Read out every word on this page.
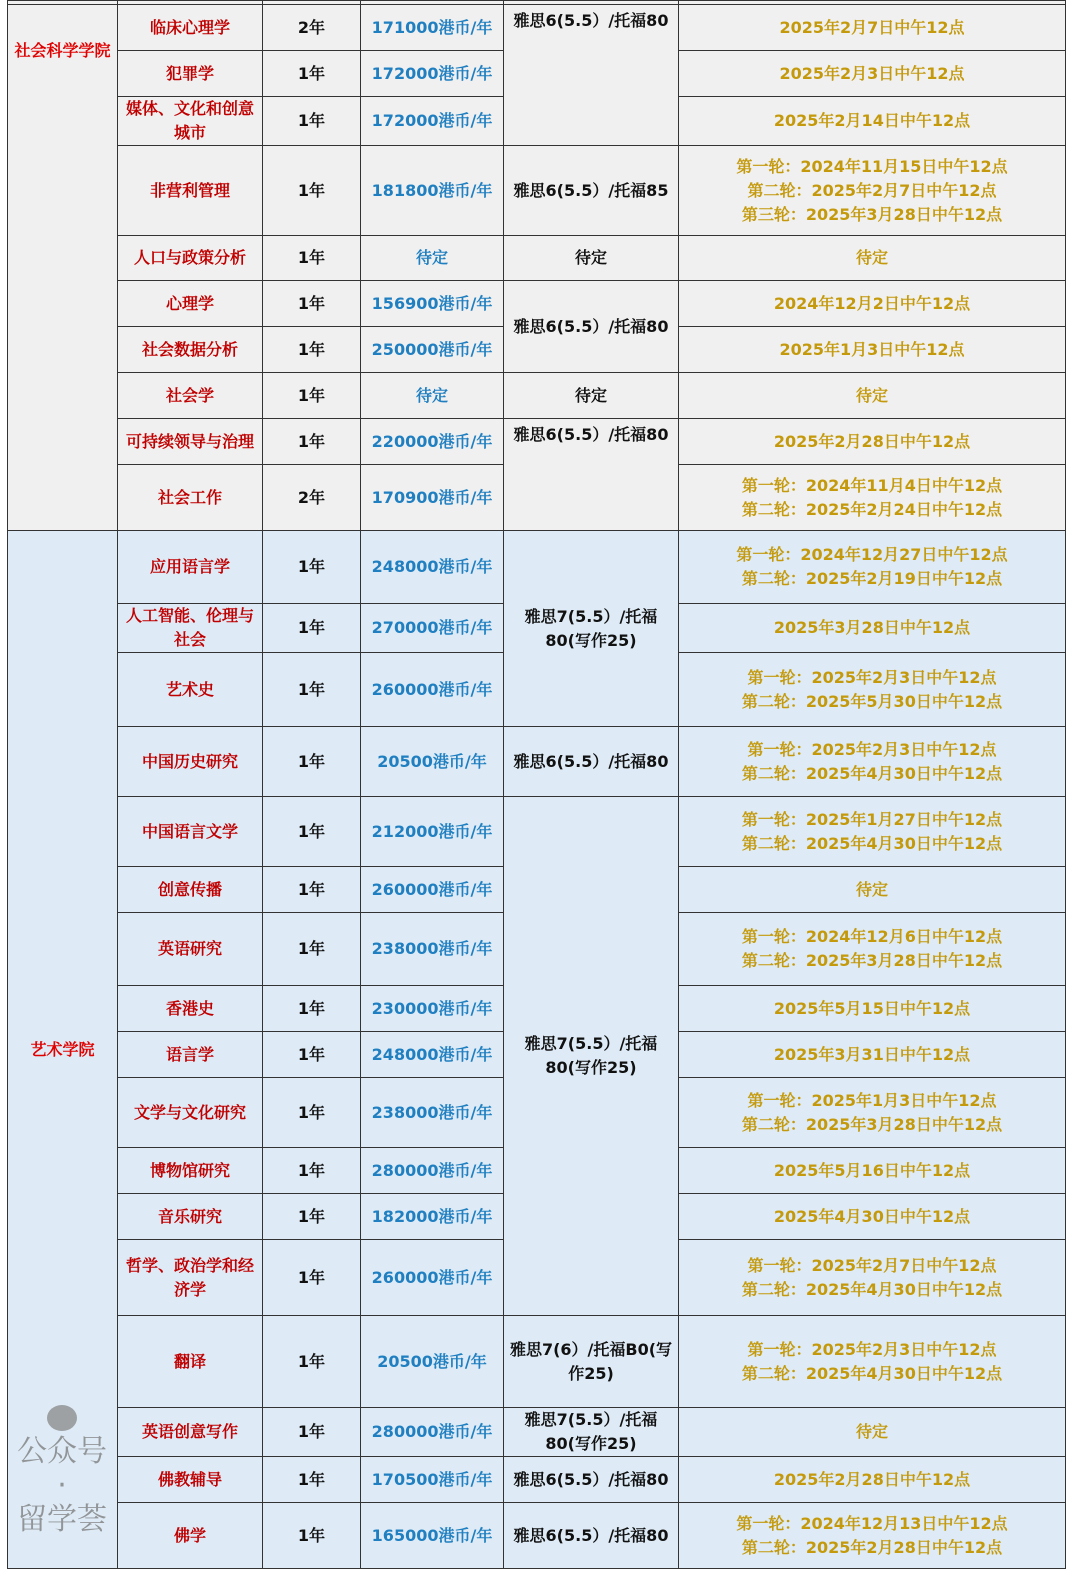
社会科学学院	临床心理学	2年	171000港币/年	雅思6(5.5）/托福80	2025年2月7日中午12点

	犯罪学	1年	172000港币/年		2025年2月3日中午12点

	媒体、文化和创意城市	1年	172000港币/年		2025年2月14日中午12点

	非营利管理	1年	181800港币/年	雅思6(5.5）/托福85	第一轮：2024年11月15日中午12点
第二轮：2025年2月7日中午12点
第三轮：2025年3月28日中午12点

	人口与政策分析	1年	待定	待定	待定

	心理学	1年	156900港币/年	雅思6(5.5）/托福80	2024年12月2日中午12点

	社会数据分析	1年	250000港币/年		2025年1月3日中午12点

	社会学	1年	待定	待定	待定

	可持续领导与治理	1年	220000港币/年	雅思6(5.5）/托福80	2025年2月28日中午12点

	社会工作	2年	170900港币/年		第一轮：2024年11月4日中午12点
第二轮：2025年2月24日中午12点

艺术学院	应用语言学	1年	248000港币/年	雅思7(5.5）/托福80(写作25)	第一轮：2024年12月27日中午12点
第二轮：2025年2月19日中午12点

	人工智能、伦理与社会	1年	270000港币/年		2025年3月28日中午12点

	艺术史	1年	260000港币/年		第一轮：2025年2月3日中午12点
第二轮：2025年5月30日中午12点

	中国历史研究	1年	20500港币/年	雅思6(5.5）/托福80	第一轮：2025年2月3日中午12点
第二轮：2025年4月30日中午12点

	中国语言文学	1年	212000港币/年	雅思7(5.5）/托福80(写作25)	第一轮：2025年1月27日中午12点
第二轮：2025年4月30日中午12点

	创意传播	1年	260000港币/年		待定

	英语研究	1年	238000港币/年		第一轮：2024年12月6日中午12点
第二轮：2025年3月28日中午12点

	香港史	1年	230000港币/年		2025年5月15日中午12点

	语言学	1年	248000港币/年		2025年3月31日中午12点

	文学与文化研究	1年	238000港币/年		第一轮：2025年1月3日中午12点
第二轮：2025年3月28日中午12点

	博物馆研究	1年	280000港币/年		2025年5月16日中午12点

	音乐研究	1年	182000港币/年		2025年4月30日中午12点

	哲学、政治学和经济学	1年	260000港币/年		第一轮：2025年2月7日中午12点
第二轮：2025年4月30日中午12点

	翻译	1年	20500港币/年	雅思7(6）/托福B0(写作25)	第一轮：2025年2月3日中午12点
第二轮：2025年4月30日中午12点

	英语创意写作	1年	280000港币/年	雅思7(5.5）/托福80(写作25)	待定

	佛教辅导	1年	170500港币/年	雅思6(5.5）/托福80	2025年2月28日中午12点

	佛学	1年	165000港币/年	雅思6(5.5）/托福80	第一轮：2024年12月13日中午12点
第二轮：2025年2月28日中午12点
公众号
·
留学荟
